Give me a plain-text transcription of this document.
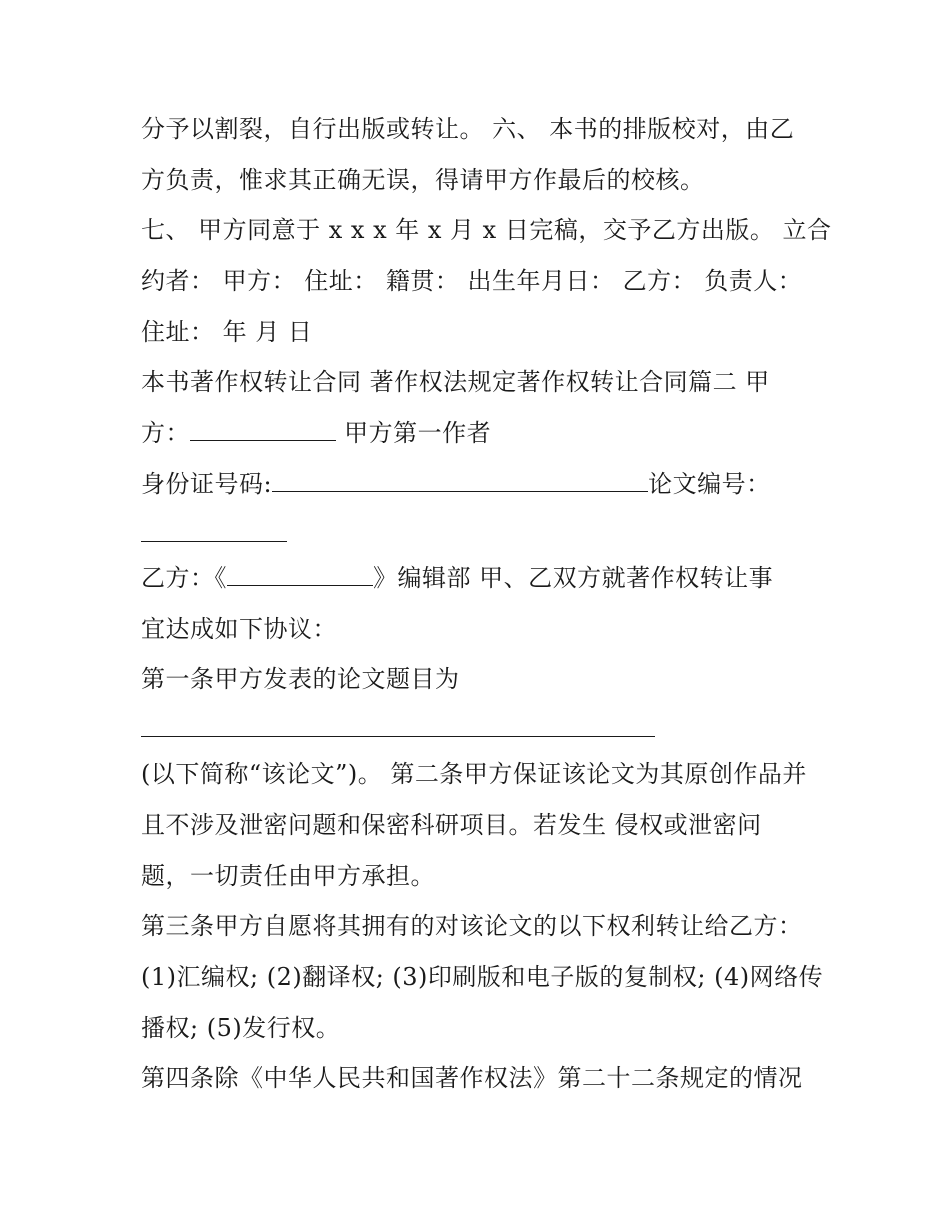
分予以割裂，自行出版或转让。 六、 本书的排版校对，由乙
方负责，惟求其正确无误，得请甲方作最后的校核。
七、 甲方同意于 x x x 年 x 月 x 日完稿，交予乙方出版。 立合
约者： 甲方： 住址： 籍贯： 出生年月日： 乙方： 负责人：
住址： 年 月 日
本书著作权转让合同 著作权法规定著作权转让合同篇二 甲
方：	甲方第一作者
身份证号码:	论文编号：
乙方：《	》编辑部 甲、乙双方就著作权转让事
宜达成如下协议：
第一条甲方发表的论文题目为
(以下简称“该论文”)。 第二条甲方保证该论文为其原创作品并
且不涉及泄密问题和保密科研项目。若发生 侵权或泄密问
题，一切责任由甲方承担。
第三条甲方自愿将其拥有的对该论文的以下权利转让给乙方：
(1)汇编权; (2)翻译权; (3)印刷版和电子版的复制权; (4)网络传
播权; (5)发行权。
第四条除《中华人民共和国著作权法》第二十二条规定的情况
